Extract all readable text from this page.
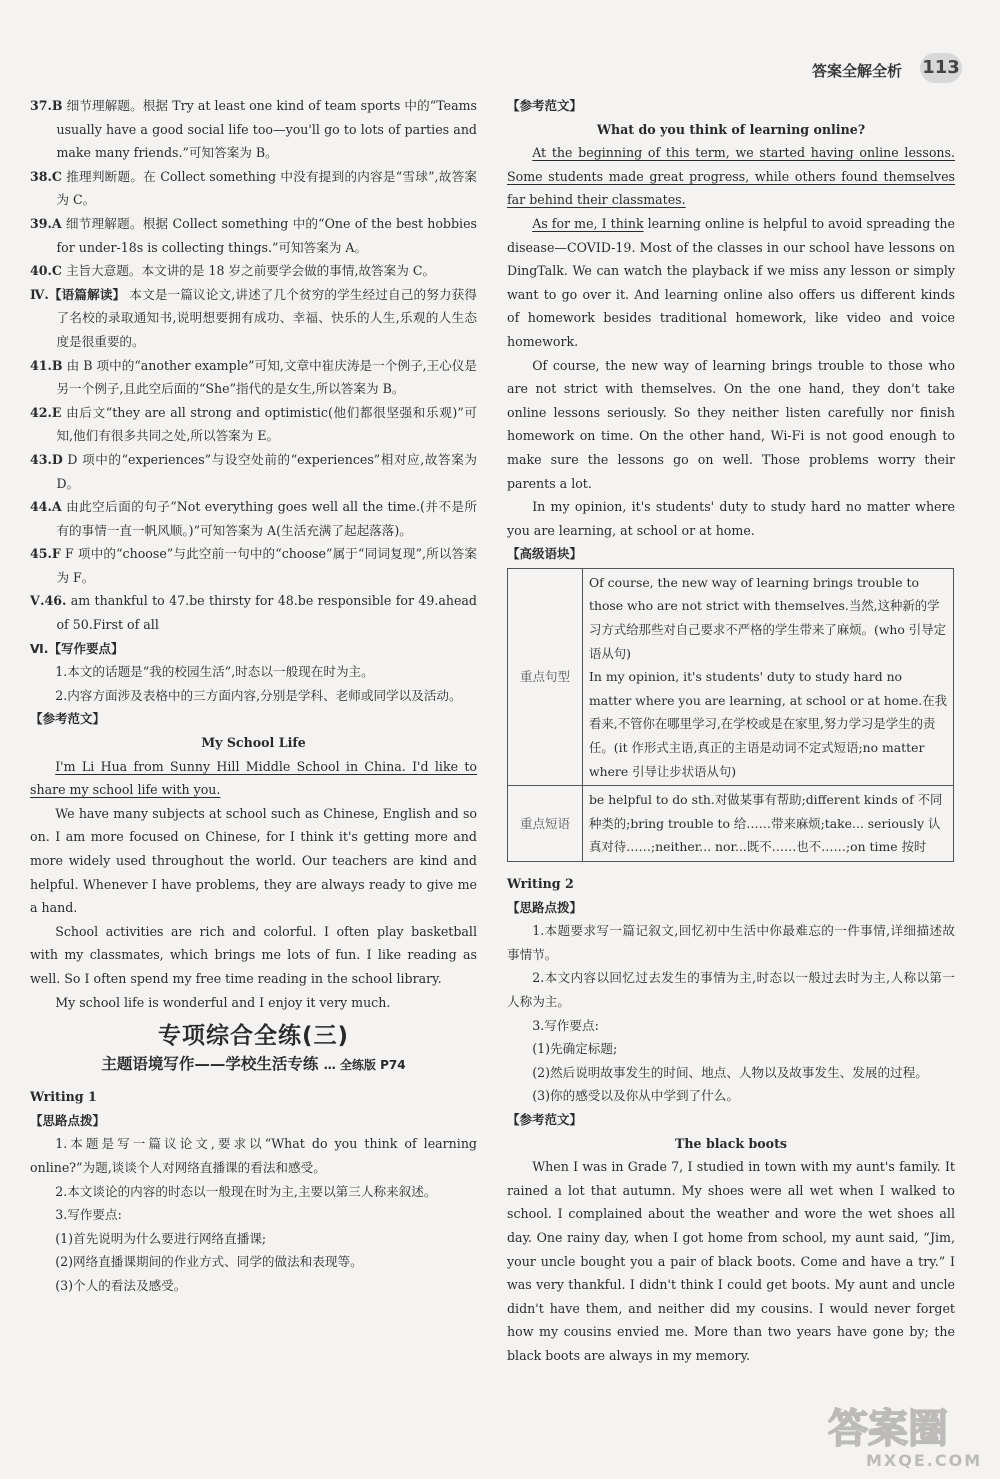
答案全解全析 113

37.B 细节理解题。根据 Try at least one kind of team sports 中的“Teams usually have a good social life too—you'll go to lots of parties and make many friends.”可知答案为 B。

38.C 推理判断题。在 Collect something 中没有提到的内容是“雪球”,故答案为 C。

39.A 细节理解题。根据 Collect something 中的“One of the best hobbies for under-18s is collecting things.”可知答案为 A。

40.C 主旨大意题。本文讲的是 18 岁之前要学会做的事情,故答案为 C。

Ⅳ.【语篇解读】 本文是一篇议论文,讲述了几个贫穷的学生经过自己的努力获得了名校的录取通知书,说明想要拥有成功、幸福、快乐的人生,乐观的人生态度是很重要的。

41.B 由 B 项中的“another example”可知,文章中崔庆涛是一个例子,王心仪是另一个例子,且此空后面的“She”指代的是女生,所以答案为 B。

42.E 由后文“they are all strong and optimistic(他们都很坚强和乐观)”可知,他们有很多共同之处,所以答案为 E。

43.D D 项中的“experiences”与设空处前的“experiences”相对应,故答案为 D。

44.A 由此空后面的句子“Not everything goes well all the time.(并不是所有的事情一直一帆风顺。)”可知答案为 A(生活充满了起起落落)。

45.F F 项中的“choose”与此空前一句中的“choose”属于“同词复现”,所以答案为 F。

Ⅴ.46. am thankful to 47.be thirsty for 48.be responsible for 49.ahead of 50.First of all

Ⅵ.【写作要点】

1.本文的话题是“我的校园生活”,时态以一般现在时为主。

2.内容方面涉及表格中的三方面内容,分别是学科、老师或同学以及活动。

【参考范文】

My School Life

I'm Li Hua from Sunny Hill Middle School in China. I'd like to share my school life with you.

We have many subjects at school such as Chinese, English and so on. I am more focused on Chinese, for I think it's getting more and more widely used throughout the world. Our teachers are kind and helpful. Whenever I have problems, they are always ready to give me a hand.

School activities are rich and colorful. I often play basketball with my classmates, which brings me lots of fun. I like reading as well. So I often spend my free time reading in the school library.

My school life is wonderful and I enjoy it very much.

专项综合全练(三)
主题语境写作——学校生活专练 … 全练版 P74

Writing 1

【思路点拨】

1.本题是写一篇议论文,要求以“What do you think of learning online?”为题,谈谈个人对网络直播课的看法和感受。

2.本文谈论的内容的时态以一般现在时为主,主要以第三人称来叙述。

3.写作要点:

(1)首先说明为什么要进行网络直播课;

(2)网络直播课期间的作业方式、同学的做法和表现等。

(3)个人的看法及感受。

【参考范文】

What do you think of learning online?

At the beginning of this term, we started having online lessons. Some students made great progress, while others found themselves far behind their classmates.

As for me, I think learning online is helpful to avoid spreading the disease—COVID-19. Most of the classes in our school have lessons on DingTalk. We can watch the playback if we miss any lesson or simply want to go over it. And learning online also offers us different kinds of homework besides traditional homework, like video and voice homework.

Of course, the new way of learning brings trouble to those who are not strict with themselves. On the one hand, they don't take online lessons seriously. So they neither listen carefully nor finish homework on time. On the other hand, Wi-Fi is not good enough to make sure the lessons go on well. Those problems worry their parents a lot.

In my opinion, it's students' duty to study hard no matter where you are learning, at school or at home.

【高级语块】

重点句型	Of course, the new way of learning brings trouble to those who are not strict with themselves.当然,这种新的学习方式给那些对自己要求不严格的学生带来了麻烦。(who 引导定语从句)
In my opinion, it's students' duty to study hard no matter where you are learning, at school or at home.在我看来,不管你在哪里学习,在学校或是在家里,努力学习是学生的责任。(it 作形式主语,真正的主语是动词不定式短语;no matter where 引导让步状语从句)

重点短语	be helpful to do sth.对做某事有帮助;different kinds of 不同种类的;bring trouble to 给……带来麻烦;take... seriously 认真对待……;neither... nor...既不……也不……;on time 按时

Writing 2

【思路点拨】

1.本题要求写一篇记叙文,回忆初中生活中你最难忘的一件事情,详细描述故事情节。

2.本文内容以回忆过去发生的事情为主,时态以一般过去时为主,人称以第一人称为主。

3.写作要点:

(1)先确定标题;

(2)然后说明故事发生的时间、地点、人物以及故事发生、发展的过程。

(3)你的感受以及你从中学到了什么。

【参考范文】

The black boots

When I was in Grade 7, I studied in town with my aunt's family. It rained a lot that autumn. My shoes were all wet when I walked to school. I complained about the weather and wore the wet shoes all day. One rainy day, when I got home from school, my aunt said, “Jim, your uncle bought you a pair of black boots. Come and have a try.” I was very thankful. I didn't think I could get boots. My aunt and uncle didn't have them, and neither did my cousins. I would never forget how my cousins envied me. More than two years have gone by; the black boots are always in my memory.

答案圈
MXQE.COM
